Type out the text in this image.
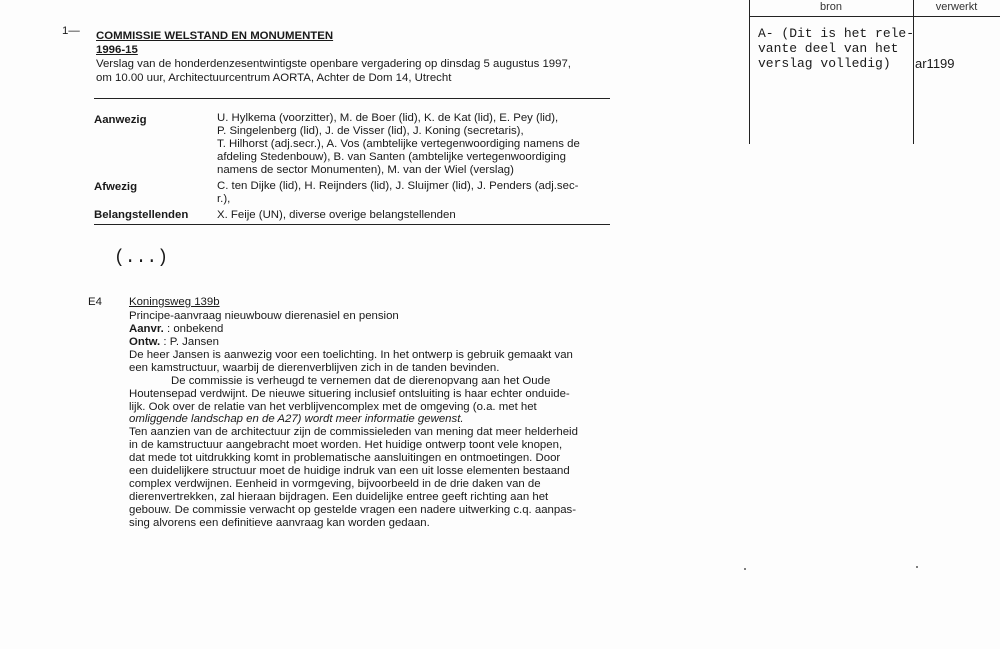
1— COMMISSIE WELSTAND EN MONUMENTEN
1996-15
Verslag van de honderdenzesentwintigste openbare vergadering op dinsdag 5 augustus 1997,
om 10.00 uur, Architectuurcentrum AORTA, Achter de Dom 14, Utrecht
Aanwezig	U. Hylkema (voorzitter), M. de Boer (lid), K. de Kat (lid), E. Pey (lid),
P. Singelenberg (lid), J. de Visser (lid), J. Koning (secretaris),
T. Hilhorst (adj.secr.), A. Vos (ambtelijke vertegenwoordiging namens de
afdeling Stedenbouw), B. van Santen (ambtelijke vertegenwoordiging
namens de sector Monumenten), M. van der Wiel (verslag)
Afwezig	C. ten Dijke (lid), H. Reijnders (lid), J. Sluijmer (lid), J. Penders (adj.sec-
r.),
Belangstellenden	X. Feije (UN), diverse overige belangstellenden
(...)
E4 Koningsweg 139b
Principe-aanvraag nieuwbouw dierenasiel en pension
Aanvr. : onbekend
Ontw. : P. Jansen
De heer Jansen is aanwezig voor een toelichting. In het ontwerp is gebruik gemaakt van
een kamstructuur, waarbij de dierenverblijven zich in de tanden bevinden.
De commissie is verheugd te vernemen dat de dierenopvang aan het Oude
Houtensepad verdwijnt. De nieuwe situering inclusief ontsluiting is haar echter onduide-
lijk. Ook over de relatie van het verblijvencomplex met de omgeving (o.a. met het
omliggende landschap en de A27) wordt meer informatie gewenst.
Ten aanzien van de architectuur zijn de commissieleden van mening dat meer helderheid
in de kamstructuur aangebracht moet worden. Het huidige ontwerp toont vele knopen,
dat mede tot uitdrukking komt in problematische aansluitingen en ontmoetingen. Door
een duidelijkere structuur moet de huidige indruk van een uit losse elementen bestaand
complex verdwijnen. Eenheid in vormgeving, bijvoorbeeld in de drie daken van de
dierenvertrekken, zal hieraan bijdragen. Een duidelijke entree geeft richting aan het
gebouw. De commissie verwacht op gestelde vragen een nadere uitwerking c.q. aanpas-
sing alvorens een definitieve aanvraag kan worden gedaan.
bron	verwerkt
A- (Dit is het rele-
vante deel van het
verslag volledig)	ar1199
